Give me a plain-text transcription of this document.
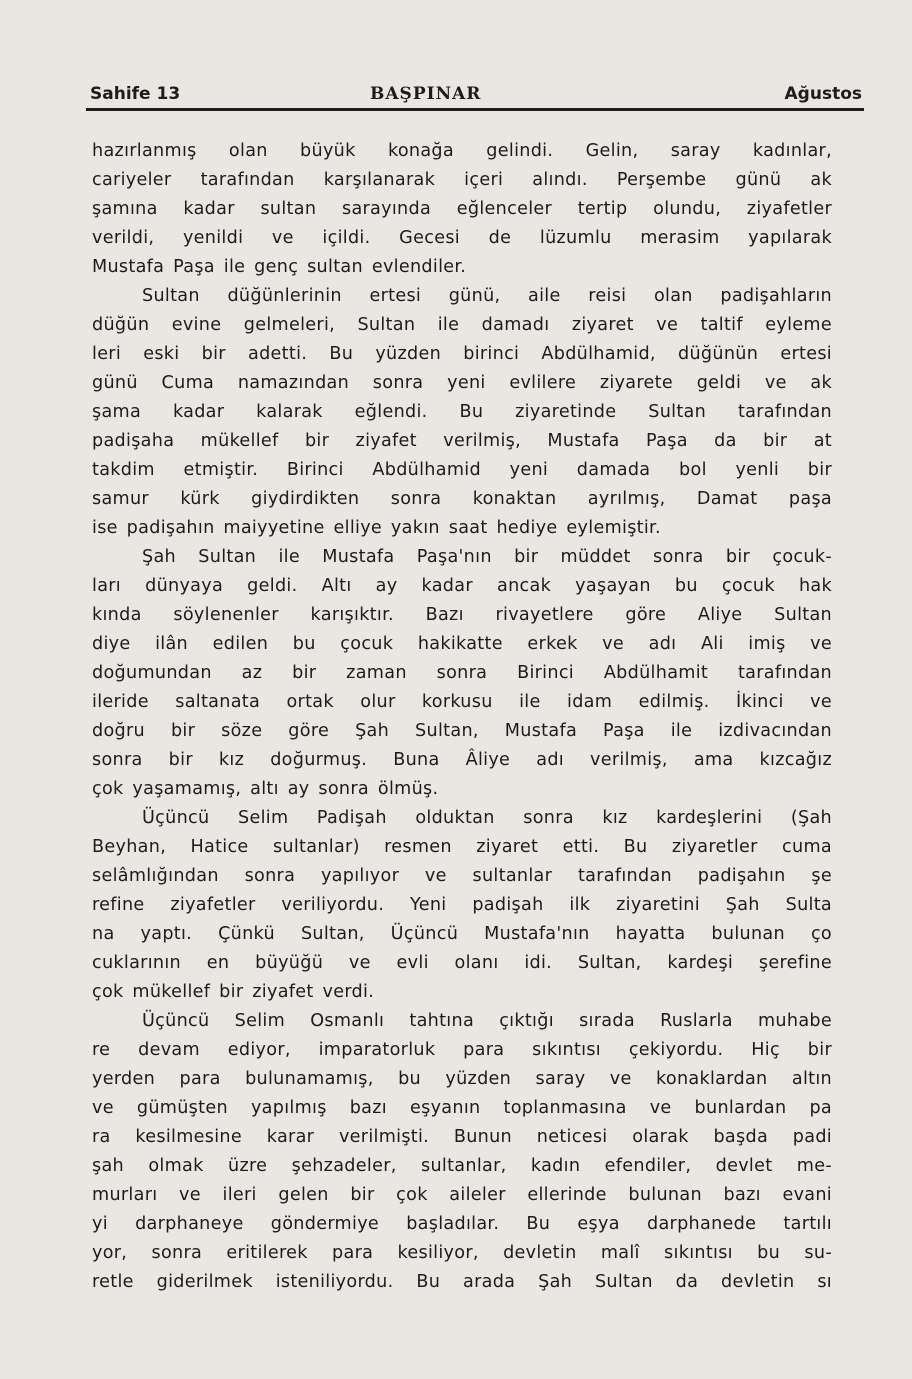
Sahife 13	BAŞPINAR	Ağustos
hazırlanmış olan büyük konağa gelindi. Gelin, saray kadınlar,
cariyeler tarafından karşılanarak içeri alındı. Perşembe günü ak
şamına kadar sultan sarayında eğlenceler tertip olundu, ziyafetler
verildi, yenildi ve içildi. Gecesi de lüzumlu merasim yapılarak
Mustafa Paşa ile genç sultan evlendiler.
Sultan düğünlerinin ertesi günü, aile reisi olan padişahların
düğün evine gelmeleri, Sultan ile damadı ziyaret ve taltif eyleme
leri eski bir adetti. Bu yüzden birinci Abdülhamid, düğünün ertesi
günü Cuma namazından sonra yeni evlilere ziyarete geldi ve ak
şama kadar kalarak eğlendi. Bu ziyaretinde Sultan tarafından
padişaha mükellef bir ziyafet verilmiş, Mustafa Paşa da bir at
takdim etmiştir. Birinci Abdülhamid yeni damada bol yenli bir
samur kürk giydirdikten sonra konaktan ayrılmış, Damat paşa
ise padişahın maiyyetine elliye yakın saat hediye eylemiştir.
Şah Sultan ile Mustafa Paşa'nın bir müddet sonra bir çocuk-
ları dünyaya geldi. Altı ay kadar ancak yaşayan bu çocuk hak
kında söylenenler karışıktır. Bazı rivayetlere göre Aliye Sultan
diye ilân edilen bu çocuk hakikatte erkek ve adı Ali imiş ve
doğumundan az bir zaman sonra Birinci Abdülhamit tarafından
ileride saltanata ortak olur korkusu ile idam edilmiş. İkinci ve
doğru bir söze göre Şah Sultan, Mustafa Paşa ile izdivacından
sonra bir kız doğurmuş. Buna Âliye adı verilmiş, ama kızcağız
çok yaşamamış, altı ay sonra ölmüş.
Üçüncü Selim Padişah olduktan sonra kız kardeşlerini (Şah
Beyhan, Hatice sultanlar) resmen ziyaret etti. Bu ziyaretler cuma
selâmlığından sonra yapılıyor ve sultanlar tarafından padişahın şe
refine ziyafetler veriliyordu. Yeni padişah ilk ziyaretini Şah Sulta
na yaptı. Çünkü Sultan, Üçüncü Mustafa'nın hayatta bulunan ço
cuklarının en büyüğü ve evli olanı idi. Sultan, kardeşi şerefine
çok mükellef bir ziyafet verdi.
Üçüncü Selim Osmanlı tahtına çıktığı sırada Ruslarla muhabe
re devam ediyor, imparatorluk para sıkıntısı çekiyordu. Hiç bir
yerden para bulunamamış, bu yüzden saray ve konaklardan altın
ve gümüşten yapılmış bazı eşyanın toplanmasına ve bunlardan pa
ra kesilmesine karar verilmişti. Bunun neticesi olarak başda padi
şah olmak üzre şehzadeler, sultanlar, kadın efendiler, devlet me-
murları ve ileri gelen bir çok aileler ellerinde bulunan bazı evani
yi darphaneye göndermiye başladılar. Bu eşya darphanede tartılı
yor, sonra eritilerek para kesiliyor, devletin malî sıkıntısı bu su-
retle giderilmek isteniliyordu. Bu arada Şah Sultan da devletin sı
